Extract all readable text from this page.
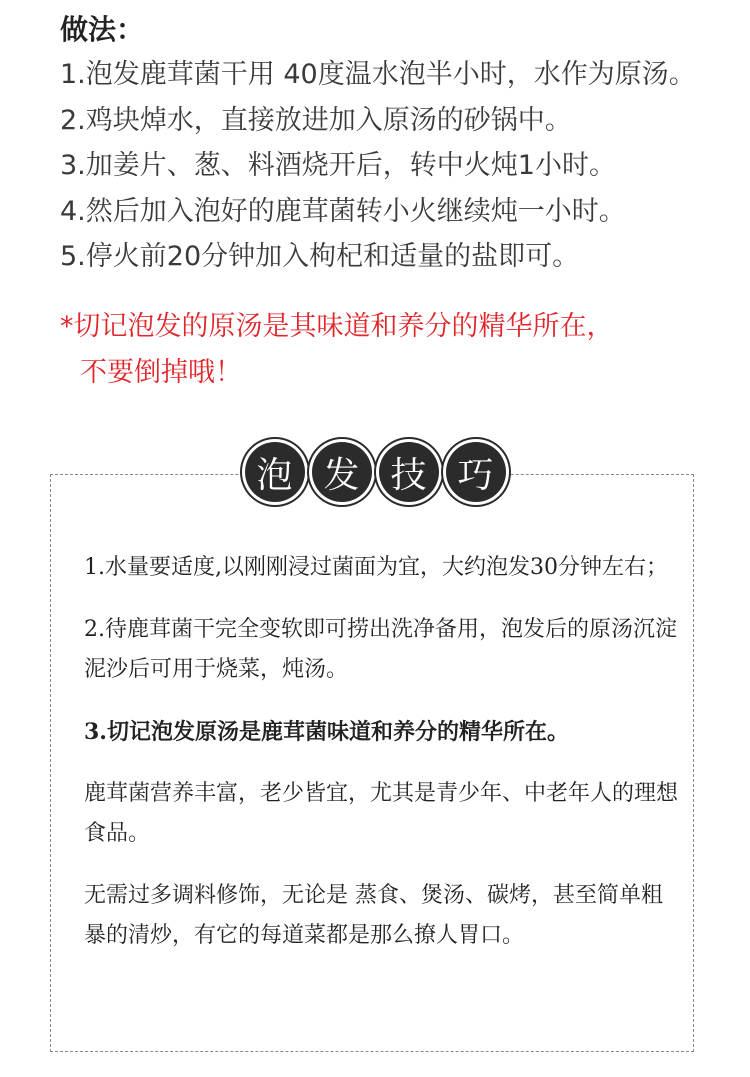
做法：
1.泡发鹿茸菌干用 40度温水泡半小时，水作为原汤。
2.鸡块焯水，直接放进加入原汤的砂锅中。
3.加姜片、葱、料酒烧开后，转中火炖1小时。
4.然后加入泡好的鹿茸菌转小火继续炖一小时。
5.停火前20分钟加入枸杞和适量的盐即可。
*切记泡发的原汤是其味道和养分的精华所在，
不要倒掉哦！
泡 发 技 巧

1.水量要适度,以刚刚浸过菌面为宜，大约泡发30分钟左右；

2.待鹿茸菌干完全变软即可捞出洗净备用，泡发后的原汤沉淀泥沙后可用于烧菜，炖汤。

3.切记泡发原汤是鹿茸菌味道和养分的精华所在。

鹿茸菌营养丰富，老少皆宜，尤其是青少年、中老年人的理想食品。

无需过多调料修饰，无论是 蒸食、煲汤、碳烤，甚至简单粗暴的清炒，有它的每道菜都是那么撩人胃口。
